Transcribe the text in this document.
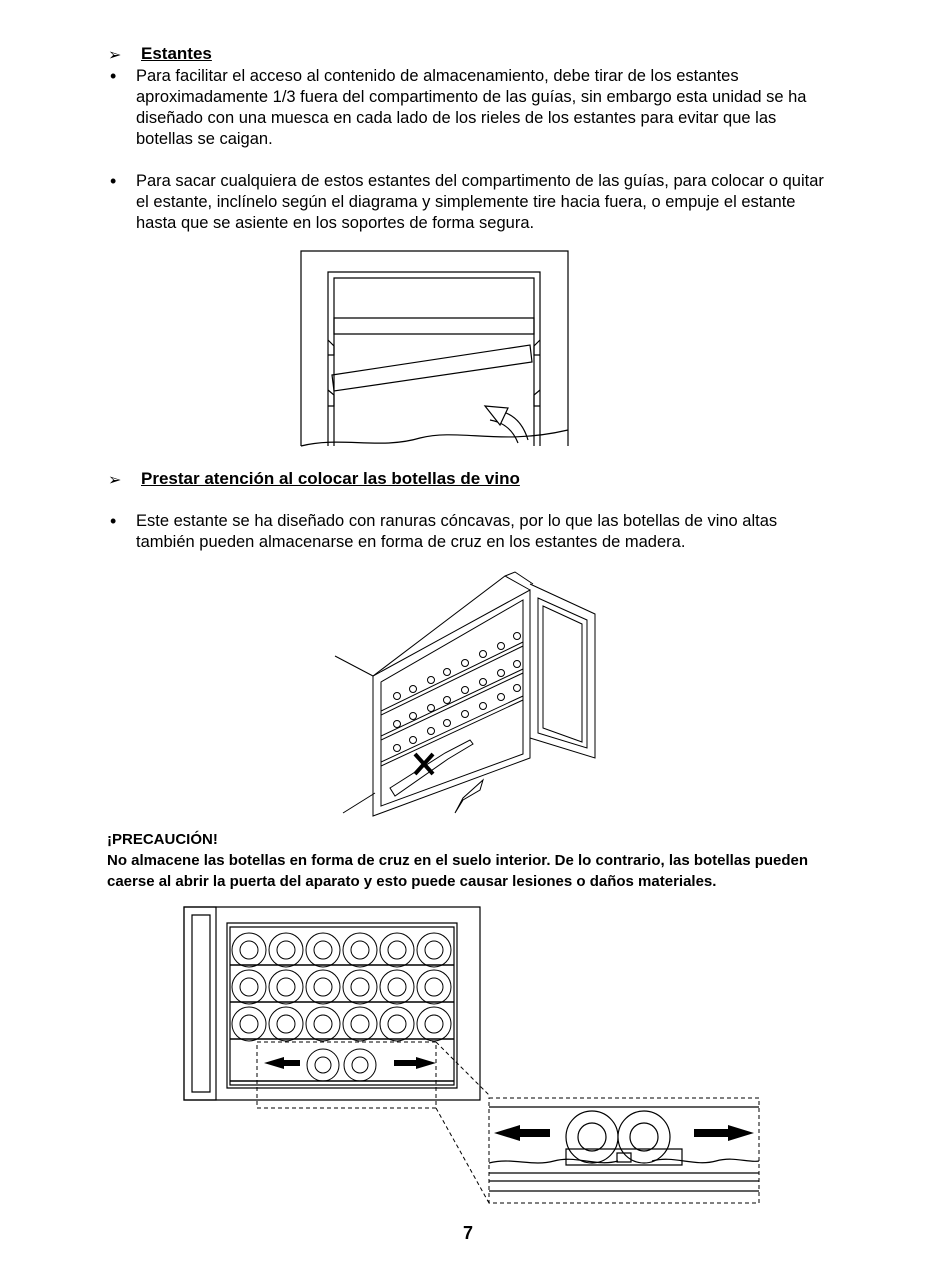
➢ Estantes
• Para facilitar el acceso al contenido de almacenamiento, debe tirar de los estantes aproximadamente 1/3 fuera del compartimento de las guías, sin embargo esta unidad se ha diseñado con una muesca en cada lado de los rieles de los estantes para evitar que las botellas se caigan.
• Para sacar cualquiera de estos estantes del compartimento de las guías, para colocar o quitar el estante, inclínelo según el diagrama y simplemente tire hacia fuera, o empuje el estante hasta que se asiente en los soportes de forma segura.
➢ Prestar atención al colocar las botellas de vino
• Este estante se ha diseñado con ranuras cóncavas, por lo que las botellas de vino altas también pueden almacenarse en forma de cruz en los estantes de madera.
¡PRECAUCIÓN!
No almacene las botellas en forma de cruz en el suelo interior. De lo contrario, las botellas pueden caerse al abrir la puerta del aparato y esto puede causar lesiones o daños materiales.
7
